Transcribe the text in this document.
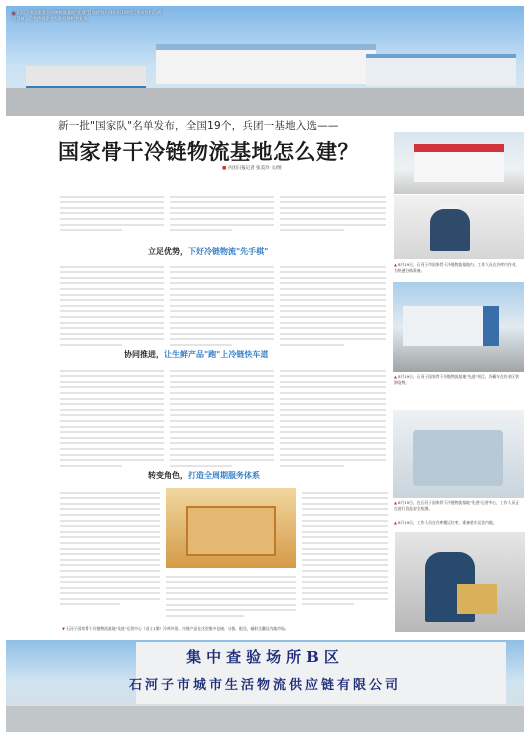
▲ 石河子市国家骨干冷链物流基地"先进"目前将第八师年内1期项目建成投用，截至目前，已有冷链企业入驻开展相关业务。
新一批"国家队"名单发布，全国19个，兵团一基地入选——
国家骨干冷链物流基地怎么建？
■ 兵团日报记者 张美玲 文/图
立足优势，下好冷链物流"先手棋"
▲ 8月19日，石河子市国家骨干冷链物流基地内，工作人员在冷库内作业，为快速分拣准备。
▲ 8月19日，石河子国家骨干冷链物流基地"先进"项目，冷藏车在作业区装卸货物。
协同推进，让生鲜产品"跑"上冷链快车道
▲ 8月19日，在石河子国家骨干冷链物流基地"先进"运营中心，工作人员正在进行食品安全检测。
转变角色，打造全周期服务体系
▲ 8月19日，工作人员在冷库搬运红枣，准备装车运往内地。
▼ 石河子国家骨干冷链物流基地"先进"运营中心（双土1期）冷库外景。冷链产品在这里集中仓储、分拣、配送，辐射全疆及内地市场。
集中查验场所B区
石河子市城市生活物流供应链有限公司
